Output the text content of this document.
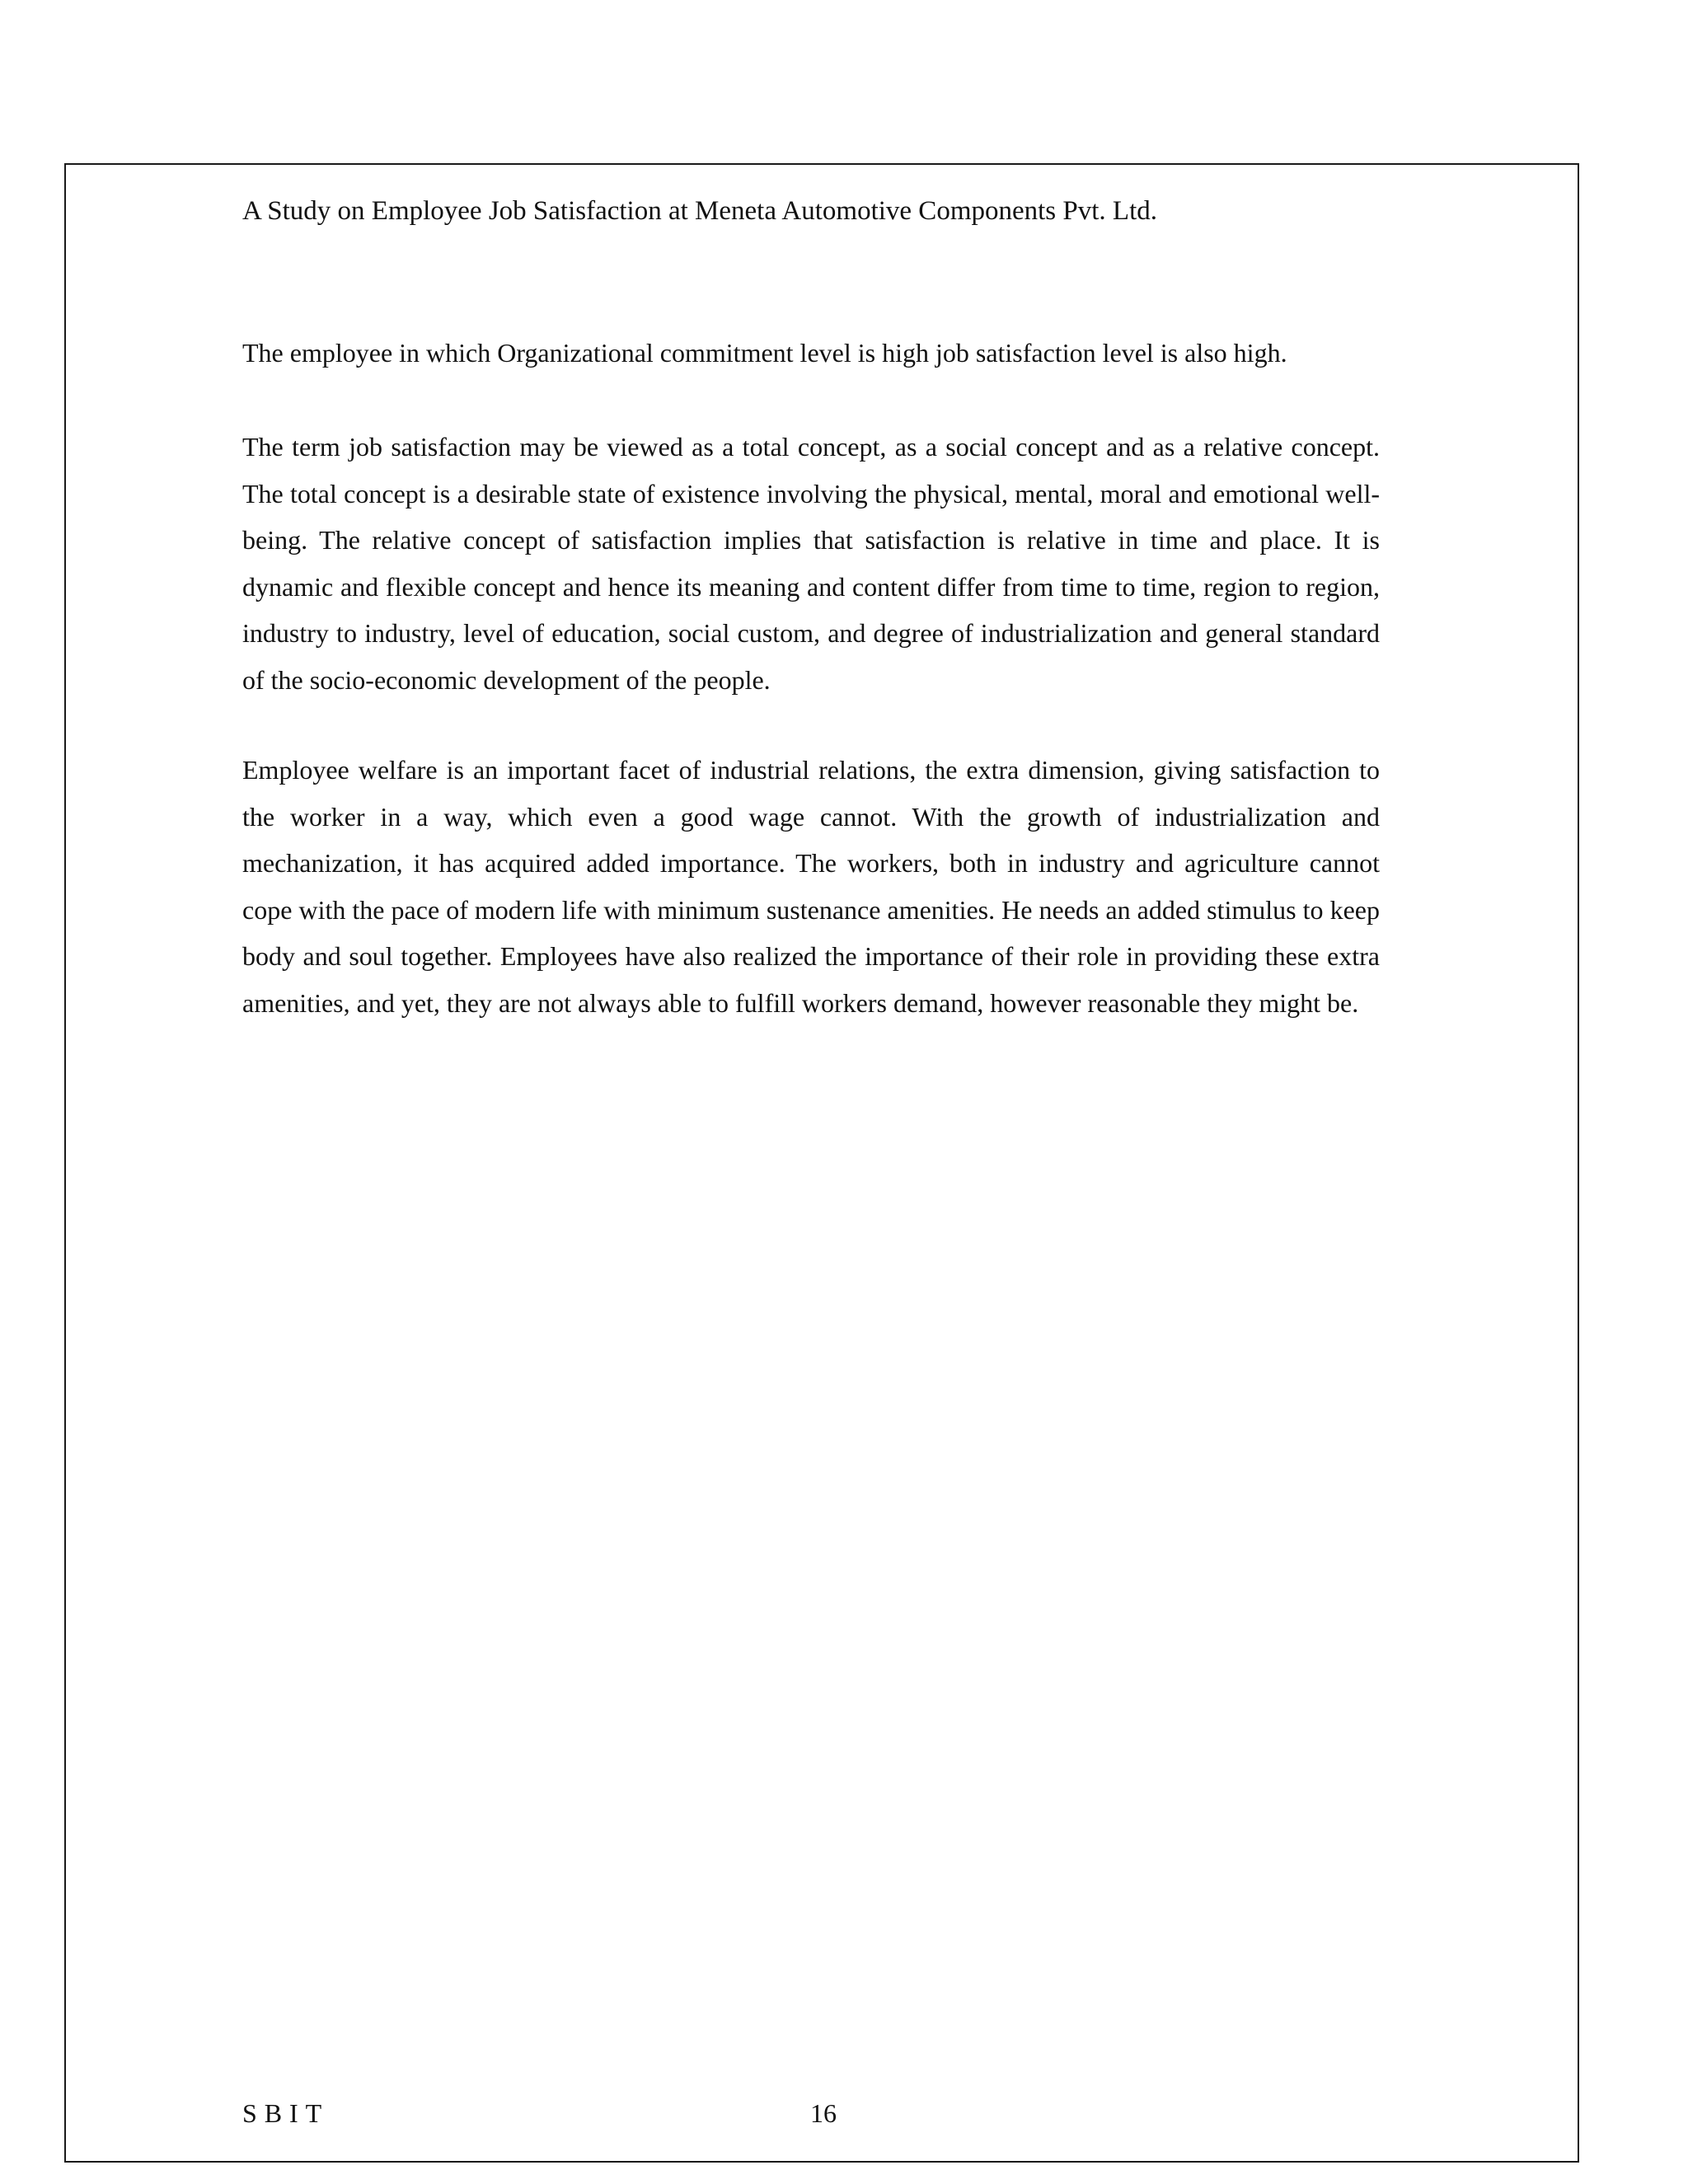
A Study on Employee Job Satisfaction at Meneta Automotive Components Pvt. Ltd.

The employee in which Organizational commitment level is high job satisfaction level is also high.

The term job satisfaction may be viewed as a total concept, as a social concept and as a relative concept. The total concept is a desirable state of existence involving the physical, mental, moral and emotional well-being. The relative concept of satisfaction implies that satisfaction is relative in time and place. It is dynamic and flexible concept and hence its meaning and content differ from time to time, region to region, industry to industry, level of education, social custom, and degree of industrialization and general standard of the socio-economic development of the people.

Employee welfare is an important facet of industrial relations, the extra dimension, giving satisfaction to the worker in a way, which even a good wage cannot. With the growth of industrialization and mechanization, it has acquired added importance. The workers, both in industry and agriculture cannot cope with the pace of modern life with minimum sustenance amenities. He needs an added stimulus to keep body and soul together. Employees have also realized the importance of their role in providing these extra amenities, and yet, they are not always able to fulfill workers demand, however reasonable they might be.

SBIT	16
